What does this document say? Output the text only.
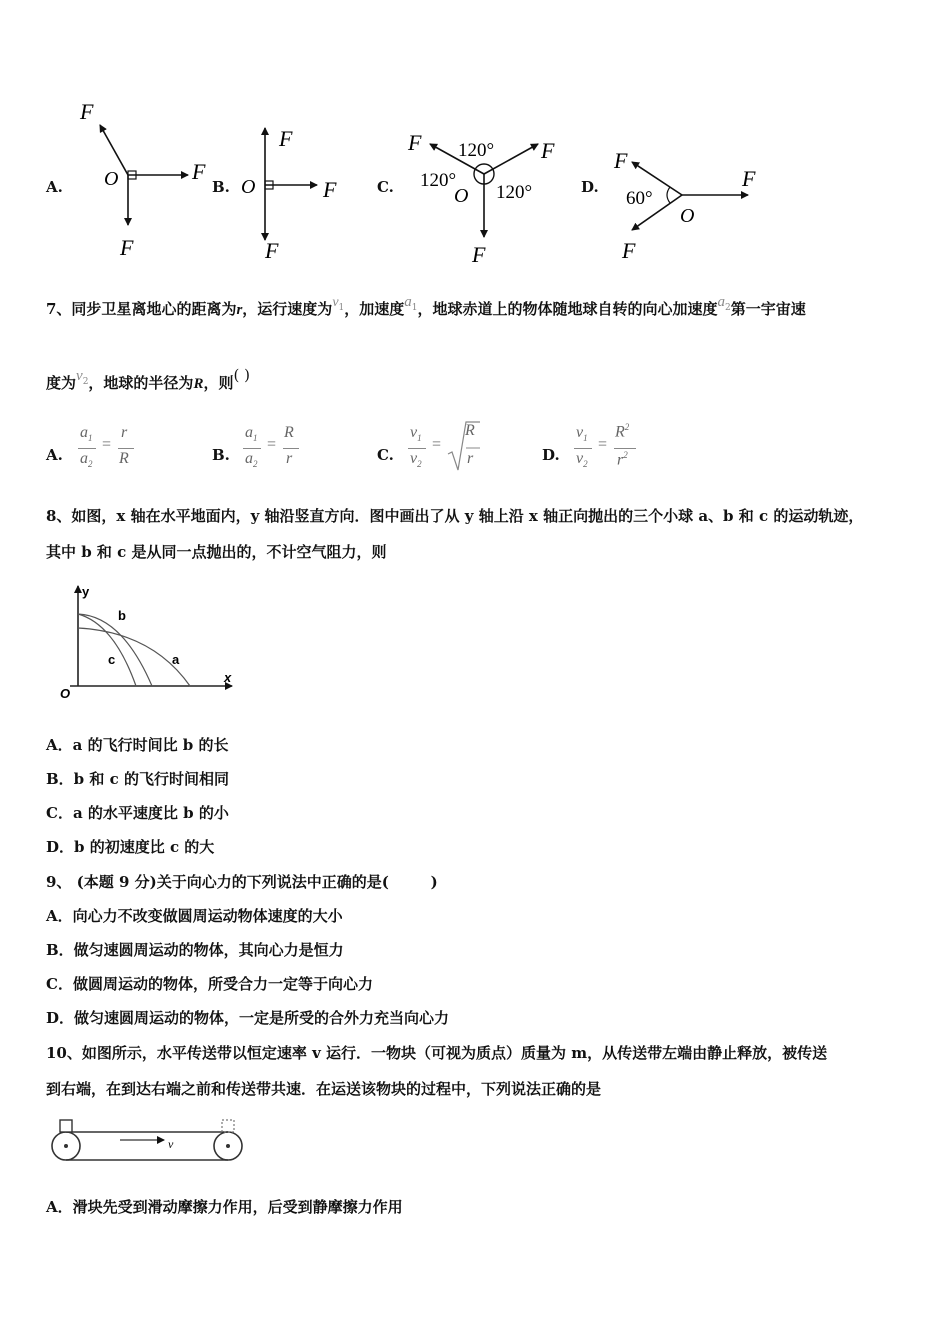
A.
F
F
F
O	B.
F
F
F
O	C.
F	F
F
O
120°
120°
120°	D.
F
F
F
O
60°
7、同步卫星离地心的距离为r，运行速度为$v_1$，加速度$a_1$，地球赤道上的物体随地球自转的向心加速度$a_2$第一宇宙速
度为$v_2$，地球的半径为R，则( )
A.
$a_1$
$a_2$
=
r
R	B.
$a_1$
$a_2$
=
R
r	C.
$v_1$
$v_2$
=
R
r	D.
$v_1$
$v_2$
=
$R^2$
$r^2$
8、如图，x 轴在水平地面内，y 轴沿竖直方向．图中画出了从 y 轴上沿 x 轴正向抛出的三个小球 a、b 和 c 的运动轨迹，
其中 b 和 c 是从同一点抛出的，不计空气阻力，则
y
x
O
b
c	a
A．a 的飞行时间比 b 的长
B．b 和 c 的飞行时间相同
C．a 的水平速度比 b 的小
D．b 的初速度比 c 的大
9、 (本题 9 分)关于向心力的下列说法中正确的是(        )
A．向心力不改变做圆周运动物体速度的大小
B．做匀速圆周运动的物体，其向心力是恒力
C．做圆周运动的物体，所受合力一定等于向心力
D．做匀速圆周运动的物体，一定是所受的合外力充当向心力
10、如图所示，水平传送带以恒定速率 v 运行．一物块（可视为质点）质量为 m，从传送带左端由静止释放，被传送
到右端，在到达右端之前和传送带共速．在运送该物块的过程中，下列说法正确的是
v
A．滑块先受到滑动摩擦力作用，后受到静摩擦力作用
